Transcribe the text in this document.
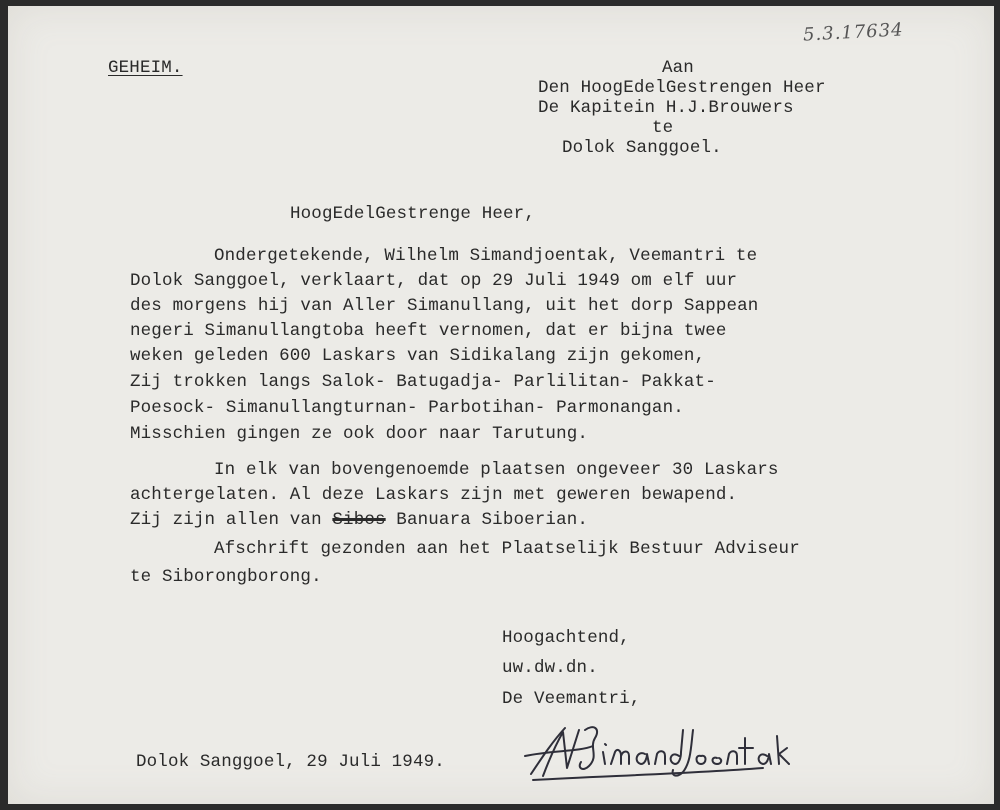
5.3.17634
GEHEIM.	Aan
Den HoogEdelGestrengen Heer
De Kapitein H.J.Brouwers
te
Dolok Sanggoel.
HoogEdelGestrenge Heer,
Ondergetekende, Wilhelm Simandjoentak, Veemantri te
Dolok Sanggoel, verklaart, dat op 29 Juli 1949 om elf uur
des morgens hij van Aller Simanullang, uit het dorp Sappean
negeri Simanullangtoba heeft vernomen, dat er bijna twee
weken geleden 600 Laskars van Sidikalang zijn gekomen,
Zij trokken langs Salok- Batugadja- Parlilitan- Pakkat-
Poesock- Simanullangturnan- Parbotihan- Parmonangan.
Misschien gingen ze ook door naar Tarutung.
In elk van bovengenoemde plaatsen ongeveer 30 Laskars
achtergelaten. Al deze Laskars zijn met geweren bewapend.
Zij zijn allen van Sibos Banuara Siboerian.
Afschrift gezonden aan het Plaatselijk Bestuur Adviseur
te Siborongborong.
Hoogachtend,
uw.dw.dn.
De Veemantri,
Dolok Sanggoel, 29 Juli 1949.
